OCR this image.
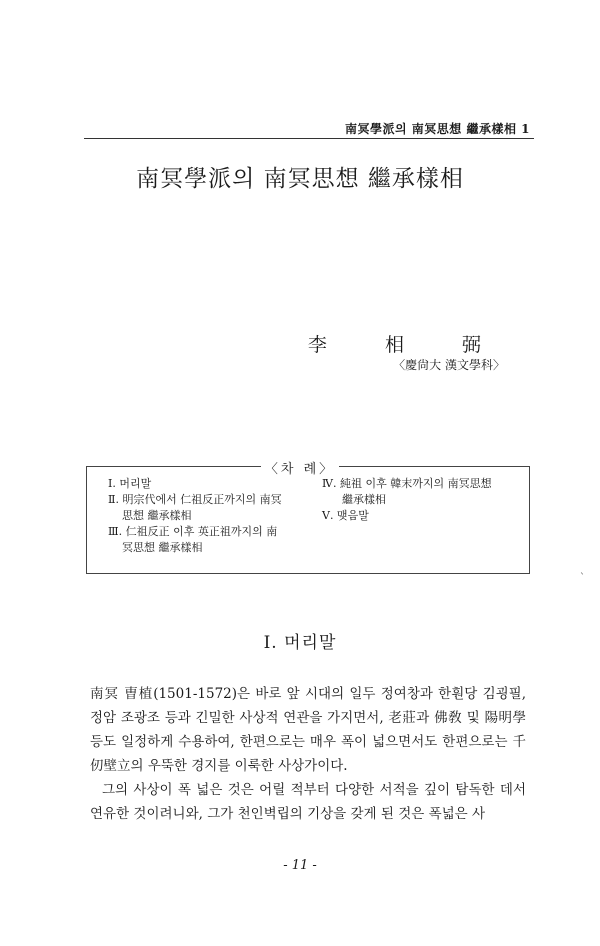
南冥學派의 南冥思想 繼承樣相 1
南冥學派의 南冥思想 繼承樣相
李 相 弼
〈慶尙大 漢文學科〉
〈차 례〉
Ⅰ. 머리말
Ⅱ. 明宗代에서 仁祖反正까지의 南冥
思想 繼承樣相
Ⅲ. 仁祖反正 이후 英正祖까지의 南
冥思想 繼承樣相
Ⅳ. 純祖 이후 韓末까지의 南冥思想
繼承樣相
Ⅴ. 맺음말
Ⅰ. 머리말
南冥 曺植(1501-1572)은 바로 앞 시대의 일두 정여창과 한훤당 김굉필, 정암 조광조 등과 긴밀한 사상적 연관을 가지면서, 老莊과 佛敎 및 陽明學 등도 일정하게 수용하여, 한편으로는 매우 폭이 넓으면서도 한편으로는 千仞壁立의 우뚝한 경지를 이룩한 사상가이다.
그의 사상이 폭 넓은 것은 어릴 적부터 다양한 서적을 깊이 탐독한 데서 연유한 것이려니와, 그가 천인벽립의 기상을 갖게 된 것은 폭넓은 사
- 11 -
`
